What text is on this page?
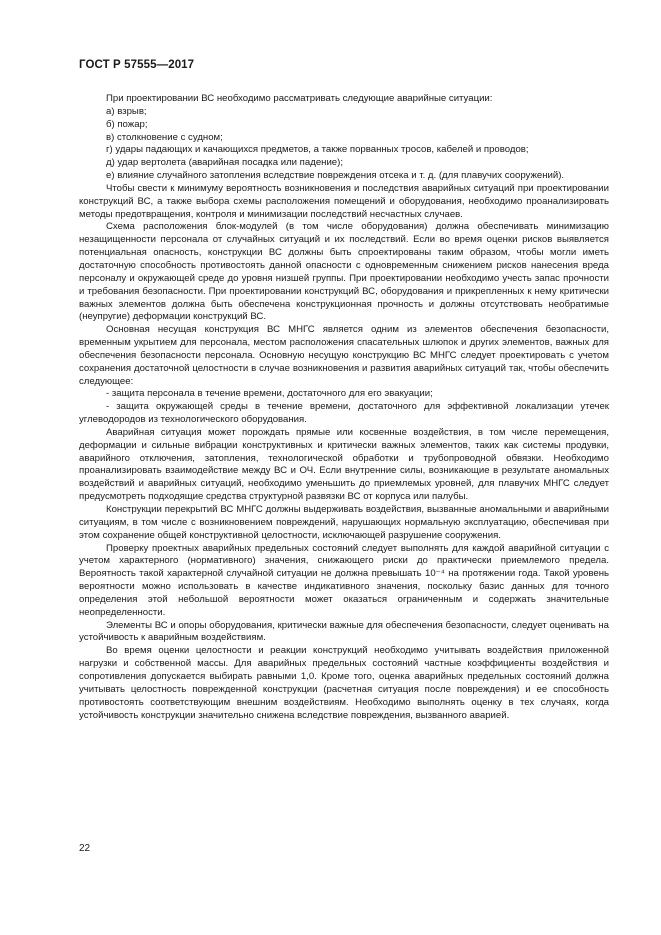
ГОСТ Р 57555—2017

При проектировании ВС необходимо рассматривать следующие аварийные ситуации:

а) взрыв;

б) пожар;

в) столкновение с судном;

г) удары падающих и качающихся предметов, а также порванных тросов, кабелей и проводов;

д) удар вертолета (аварийная посадка или падение);

е) влияние случайного затопления вследствие повреждения отсека и т. д. (для плавучих сооружений).

Чтобы свести к минимуму вероятность возникновения и последствия аварийных ситуаций при проектировании конструкций ВС, а также выбора схемы расположения помещений и оборудования, необходимо проанализировать методы предотвращения, контроля и минимизации последствий несчастных случаев.

Схема расположения блок-модулей (в том числе оборудования) должна обеспечивать минимизацию незащищенности персонала от случайных ситуаций и их последствий. Если во время оценки рисков выявляется потенциальная опасность, конструкции ВС должны быть спроектированы таким образом, чтобы могли иметь достаточную способность противостоять данной опасности с одновременным снижением рисков нанесения вреда персоналу и окружающей среде до уровня низшей группы. При проектировании необходимо учесть запас прочности и требования безопасности. При проектировании конструкций ВС, оборудования и прикрепленных к нему критически важных элементов должна быть обеспечена конструкционная прочность и должны отсутствовать необратимые (неупругие) деформации конструкций ВС.

Основная несущая конструкция ВС МНГС является одним из элементов обеспечения безопасности, временным укрытием для персонала, местом расположения спасательных шлюпок и других элементов, важных для обеспечения безопасности персонала. Основную несущую конструкцию ВС МНГС следует проектировать с учетом сохранения достаточной целостности в случае возникновения и развития аварийных ситуаций так, чтобы обеспечить следующее:

- защита персонала в течение времени, достаточного для его эвакуации;

- защита окружающей среды в течение времени, достаточного для эффективной локализации утечек углеводородов из технологического оборудования.

Аварийная ситуация может порождать прямые или косвенные воздействия, в том числе перемещения, деформации и сильные вибрации конструктивных и критически важных элементов, таких как системы продувки, аварийного отключения, затопления, технологической обработки и трубопроводной обвязки. Необходимо проанализировать взаимодействие между ВС и ОЧ. Если внутренние силы, возникающие в результате аномальных воздействий и аварийных ситуаций, необходимо уменьшить до приемлемых уровней, для плавучих МНГС следует предусмотреть подходящие средства структурной развязки ВС от корпуса или палубы.

Конструкции перекрытий ВС МНГС должны выдерживать воздействия, вызванные аномальными и аварийными ситуациям, в том числе с возникновением повреждений, нарушающих нормальную эксплуатацию, обеспечивая при этом сохранение общей конструктивной целостности, исключающей разрушение сооружения.

Проверку проектных аварийных предельных состояний следует выполнять для каждой аварийной ситуации с учетом характерного (нормативного) значения, снижающего риски до практически приемлемого предела. Вероятность такой характерной случайной ситуации не должна превышать 10⁻⁴ на протяжении года. Такой уровень вероятности можно использовать в качестве индикативного значения, поскольку базис данных для точного определения этой небольшой вероятности может оказаться ограниченным и содержать значительные неопределенности.

Элементы ВС и опоры оборудования, критически важные для обеспечения безопасности, следует оценивать на устойчивость к аварийным воздействиям.

Во время оценки целостности и реакции конструкций необходимо учитывать воздействия приложенной нагрузки и собственной массы. Для аварийных предельных состояний частные коэффициенты воздействия и сопротивления допускается выбирать равными 1,0. Кроме того, оценка аварийных предельных состояний должна учитывать целостность поврежденной конструкции (расчетная ситуация после повреждения) и ее способность противостоять соответствующим внешним воздействиям. Необходимо выполнять оценку в тех случаях, когда устойчивость конструкции значительно снижена вследствие повреждения, вызванного аварией.

22
